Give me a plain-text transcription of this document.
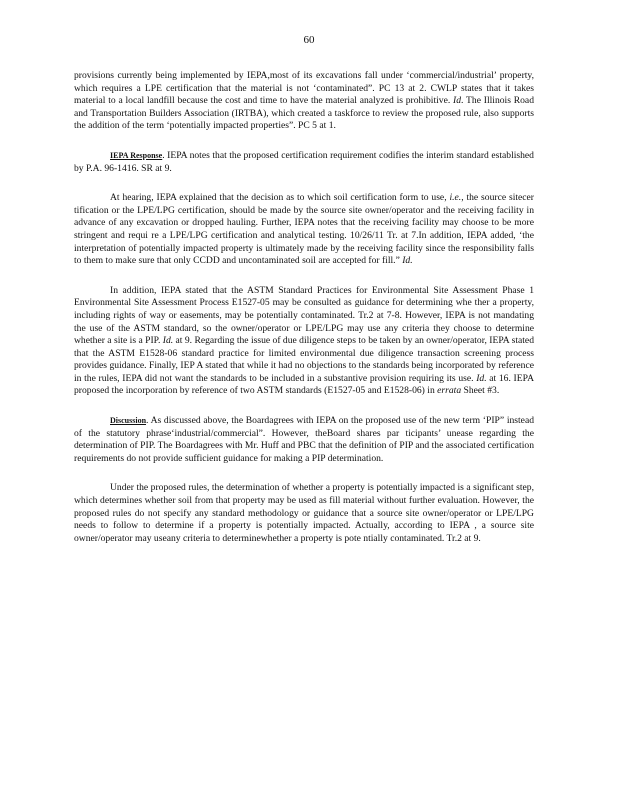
60

provisions currently being implemented by IEPA,most of its excavations fall under ‘commercial/industrial’ property, which requires a LPE certification that the material is not ‘contaminated”. PC 13 at 2. CWLP states that it takes material to a local landfill because the cost and time to have the material analyzed is prohibitive. Id. The Illinois Road and Transportation Builders Association (IRTBA), which created a taskforce to review the proposed rule, also supports the addition of the term ‘potentially impacted properties”. PC 5 at 1.

IEPA Response. IEPA notes that the proposed certification requirement codifies the interim standard established by P.A. 96-1416. SR at 9.

At hearing, IEPA explained that the decision as to which soil certification form to use, i.e., the source sitecer tification or the LPE/LPG certification, should be made by the source site owner/operator and the receiving facility in advance of any excavation or dropped hauling. Further, IEPA notes that the receiving facility may choose to be more stringent and requi re a LPE/LPG certification and analytical testing. 10/26/11 Tr. at 7.In addition, IEPA added, ‘the interpretation of potentially impacted property is ultimately made by the receiving facility since the responsibility falls to them to make sure that only CCDD and uncontaminated soil are accepted for fill.” Id.

In addition, IEPA stated that the ASTM Standard Practices for Environmental Site Assessment Phase 1 Environmental Site Assessment Process E1527-05 may be consulted as guidance for determining whe ther a property, including rights of way or easements, may be potentially contaminated. Tr.2 at 7-8. However, IEPA is not mandating the use of the ASTM standard, so the owner/operator or LPE/LPG may use any criteria they choose to determine whether a site is a PIP. Id. at 9. Regarding the issue of due diligence steps to be taken by an owner/operator, IEPA stated that the ASTM E1528-06 standard practice for limited environmental due diligence transaction screening process provides guidance. Finally, IEP A stated that while it had no objections to the standards being incorporated by reference in the rules, IEPA did not want the standards to be included in a substantive provision requiring its use. Id. at 16. IEPA proposed the incorporation by reference of two ASTM standards (E1527-05 and E1528-06) in errata Sheet #3.

Discussion. As discussed above, the Boardagrees with IEPA on the proposed use of the new term ‘PIP” instead of the statutory phrase‘industrial/commercial”. However, theBoard shares par ticipants’ unease regarding the determination of PIP. The Boardagrees with Mr. Huff and PBC that the definition of PIP and the associated certification requirements do not provide sufficient guidance for making a PIP determination.

Under the proposed rules, the determination of whether a property is potentially impacted is a significant step, which determines whether soil from that property may be used as fill material without further evaluation. However, the proposed rules do not specify any standard methodology or guidance that a source site owner/operator or LPE/LPG needs to follow to determine if a property is potentially impacted. Actually, according to IEPA , a source site owner/operator may useany criteria to determinewhether a property is pote ntially contaminated. Tr.2 at 9.
